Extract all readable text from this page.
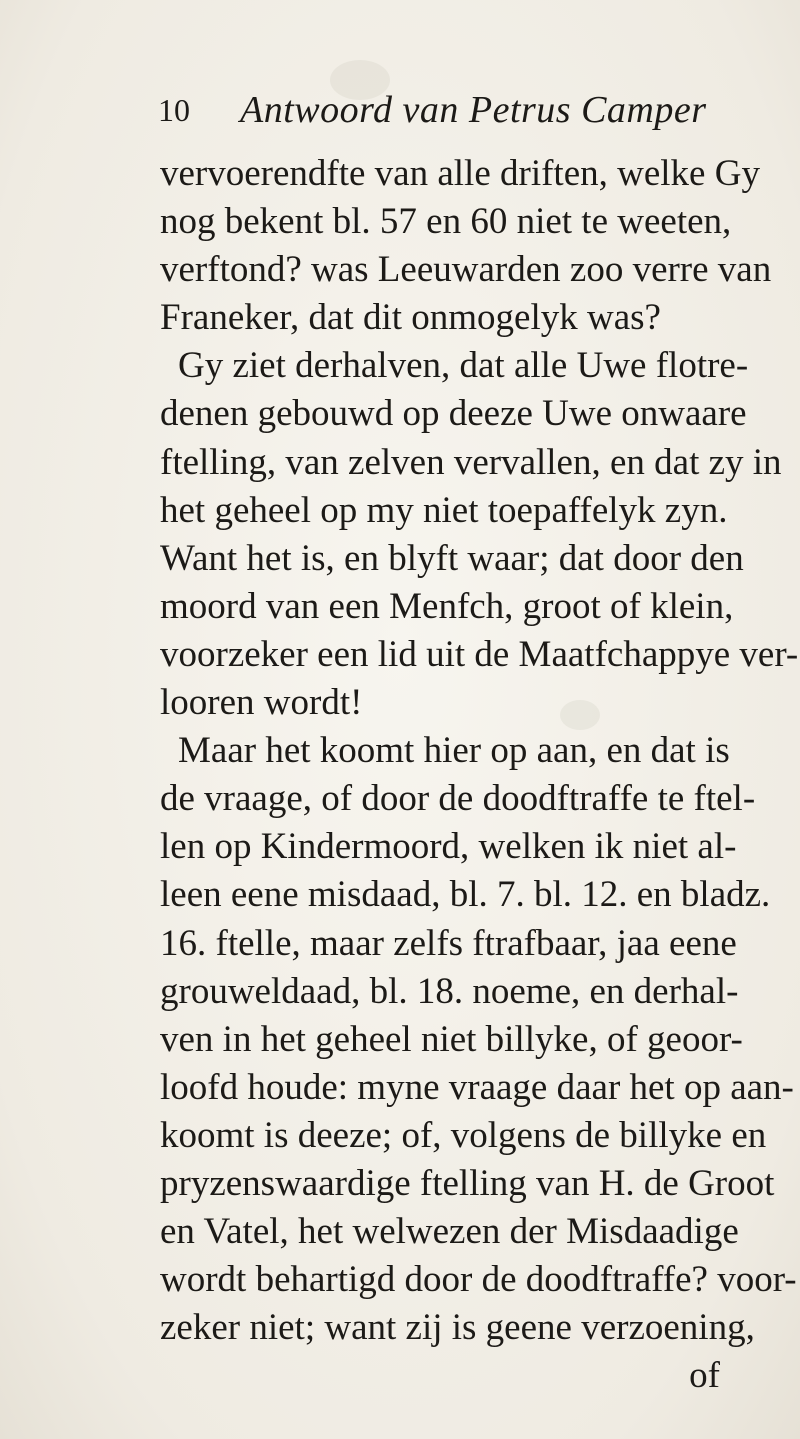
10 Antwoord van Petrus Camper
vervoerendfte van alle driften, welke Gy
nog bekent bl. 57 en 60 niet te weeten,
verftond? was Leeuwarden zoo verre van
Franeker, dat dit onmogelyk was?
Gy ziet derhalven, dat alle Uwe flotre-
denen gebouwd op deeze Uwe onwaare
ftelling, van zelven vervallen, en dat zy in
het geheel op my niet toepaffelyk zyn.
Want het is, en blyft waar; dat door den
moord van een Menfch, groot of klein,
voorzeker een lid uit de Maatfchappye ver-
looren wordt!
Maar het koomt hier op aan, en dat is
de vraage, of door de doodftraffe te ftel-
len op Kindermoord, welken ik niet al-
leen eene misdaad, bl. 7. bl. 12. en bladz.
16. ftelle, maar zelfs ftrafbaar, jaa eene
grouweldaad, bl. 18. noeme, en derhal-
ven in het geheel niet billyke, of geoor-
loofd houde: myne vraage daar het op aan-
koomt is deeze; of, volgens de billyke en
pryzenswaardige ftelling van H. de Groot
en Vatel, het welwezen der Misdaadige
wordt behartigd door de doodftraffe? voor-
zeker niet; want zij is geene verzoening,
of
